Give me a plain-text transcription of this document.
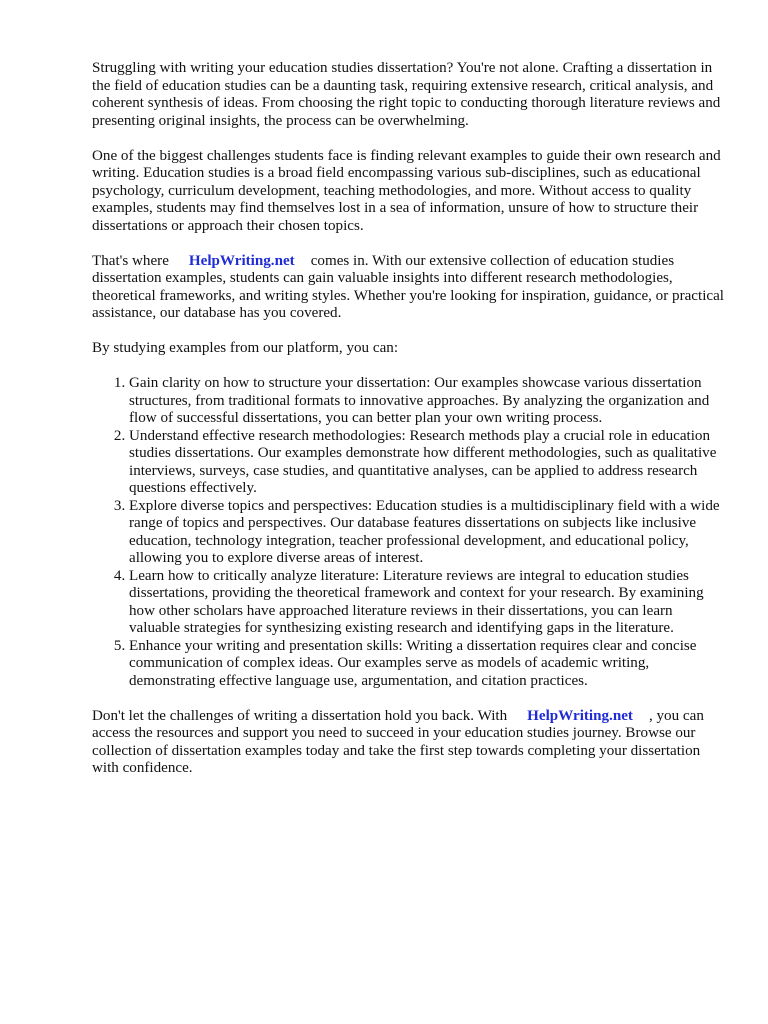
Struggling with writing your education studies dissertation? You're not alone. Crafting a dissertation in the field of education studies can be a daunting task, requiring extensive research, critical analysis, and coherent synthesis of ideas. From choosing the right topic to conducting thorough literature reviews and presenting original insights, the process can be overwhelming.

One of the biggest challenges students face is finding relevant examples to guide their own research and writing. Education studies is a broad field encompassing various sub-disciplines, such as educational psychology, curriculum development, teaching methodologies, and more. Without access to quality examples, students may find themselves lost in a sea of information, unsure of how to structure their dissertations or approach their chosen topics.

That's where HelpWriting.net comes in. With our extensive collection of education studies dissertation examples, students can gain valuable insights into different research methodologies, theoretical frameworks, and writing styles. Whether you're looking for inspiration, guidance, or practical assistance, our database has you covered.

By studying examples from our platform, you can:

1. Gain clarity on how to structure your dissertation: Our examples showcase various dissertation structures, from traditional formats to innovative approaches. By analyzing the organization and flow of successful dissertations, you can better plan your own writing process.
2. Understand effective research methodologies: Research methods play a crucial role in education studies dissertations. Our examples demonstrate how different methodologies, such as qualitative interviews, surveys, case studies, and quantitative analyses, can be applied to address research questions effectively.
3. Explore diverse topics and perspectives: Education studies is a multidisciplinary field with a wide range of topics and perspectives. Our database features dissertations on subjects like inclusive education, technology integration, teacher professional development, and educational policy, allowing you to explore diverse areas of interest.
4. Learn how to critically analyze literature: Literature reviews are integral to education studies dissertations, providing the theoretical framework and context for your research. By examining how other scholars have approached literature reviews in their dissertations, you can learn valuable strategies for synthesizing existing research and identifying gaps in the literature.
5. Enhance your writing and presentation skills: Writing a dissertation requires clear and concise communication of complex ideas. Our examples serve as models of academic writing, demonstrating effective language use, argumentation, and citation practices.

Don't let the challenges of writing a dissertation hold you back. With HelpWriting.net , you can access the resources and support you need to succeed in your education studies journey. Browse our collection of dissertation examples today and take the first step towards completing your dissertation with confidence.
